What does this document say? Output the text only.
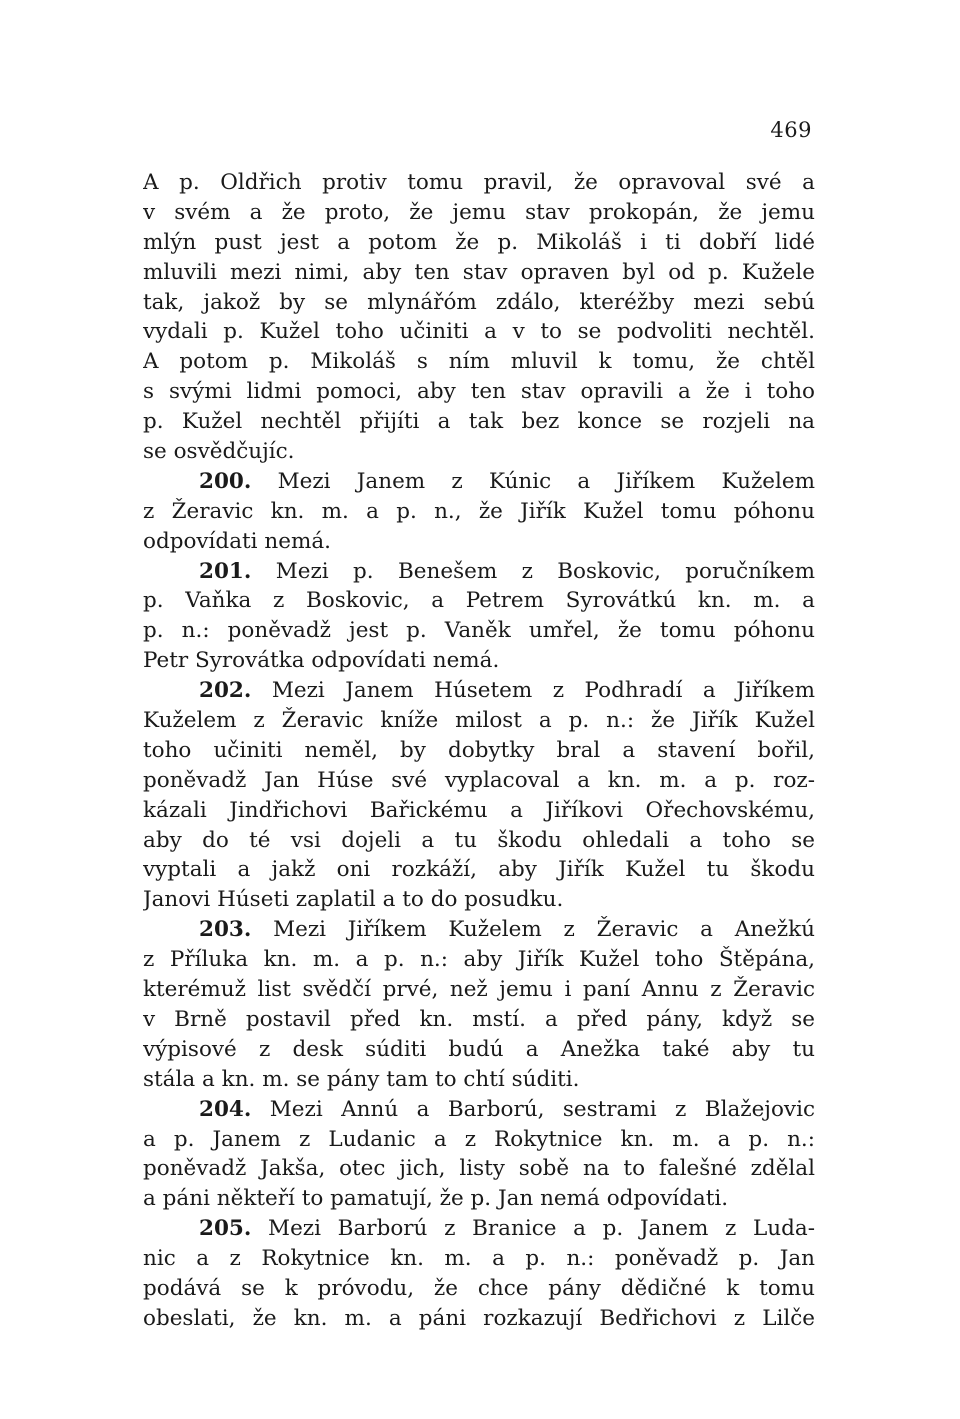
469
A p. Oldřich protiv tomu pravil, že opravoval své a
v svém a že proto, že jemu stav prokopán, že jemu
mlýn pust jest a potom že p. Mikoláš i ti dobří lidé
mluvili mezi nimi, aby ten stav opraven byl od p. Kužele
tak, jakož by se mlynářóm zdálo, kteréžby mezi sebú
vydali p. Kužel toho učiniti a v to se podvoliti nechtěl.
A potom p. Mikoláš s ním mluvil k tomu, že chtěl
s svými lidmi pomoci, aby ten stav opravili a že i toho
p. Kužel nechtěl přijíti a tak bez konce se rozjeli na
se osvědčujíc.
200. Mezi Janem z Kúnic a Jiříkem Kuželem
z Žeravic kn. m. a p. n., že Jiřík Kužel tomu póhonu
odpovídati nemá.
201. Mezi p. Benešem z Boskovic, poručníkem
p. Vaňka z Boskovic, a Petrem Syrovátkú kn. m. a
p. n.: poněvadž jest p. Vaněk umřel, že tomu póhonu
Petr Syrovátka odpovídati nemá.
202. Mezi Janem Húsetem z Podhradí a Jiříkem
Kuželem z Žeravic kníže milost a p. n.: že Jiřík Kužel
toho učiniti neměl, by dobytky bral a stavení bořil,
poněvadž Jan Húse své vyplacoval a kn. m. a p. roz-
kázali Jindřichovi Bařickému a Jiříkovi Ořechovskému,
aby do té vsi dojeli a tu škodu ohledali a toho se
vyptali a jakž oni rozkáží, aby Jiřík Kužel tu škodu
Janovi Húseti zaplatil a to do posudku.
203. Mezi Jiříkem Kuželem z Žeravic a Anežkú
z Příluka kn. m. a p. n.: aby Jiřík Kužel toho Štěpána,
kterémuž list svědčí prvé, než jemu i paní Annu z Žeravic
v Brně postavil před kn. mstí. a před pány, když se
výpisové z desk súditi budú a Anežka také aby tu
stála a kn. m. se pány tam to chtí súditi.
204. Mezi Annú a Barború, sestrami z Blažejovic
a p. Janem z Ludanic a z Rokytnice kn. m. a p. n.:
poněvadž Jakša, otec jich, listy sobě na to falešné zdělal
a páni někteří to pamatují, že p. Jan nemá odpovídati.
205. Mezi Barború z Branice a p. Janem z Luda-
nic a z Rokytnice kn. m. a p. n.: poněvadž p. Jan
podává se k próvodu, že chce pány dědičné k tomu
obeslati, že kn. m. a páni rozkazují Bedřichovi z Lilče
